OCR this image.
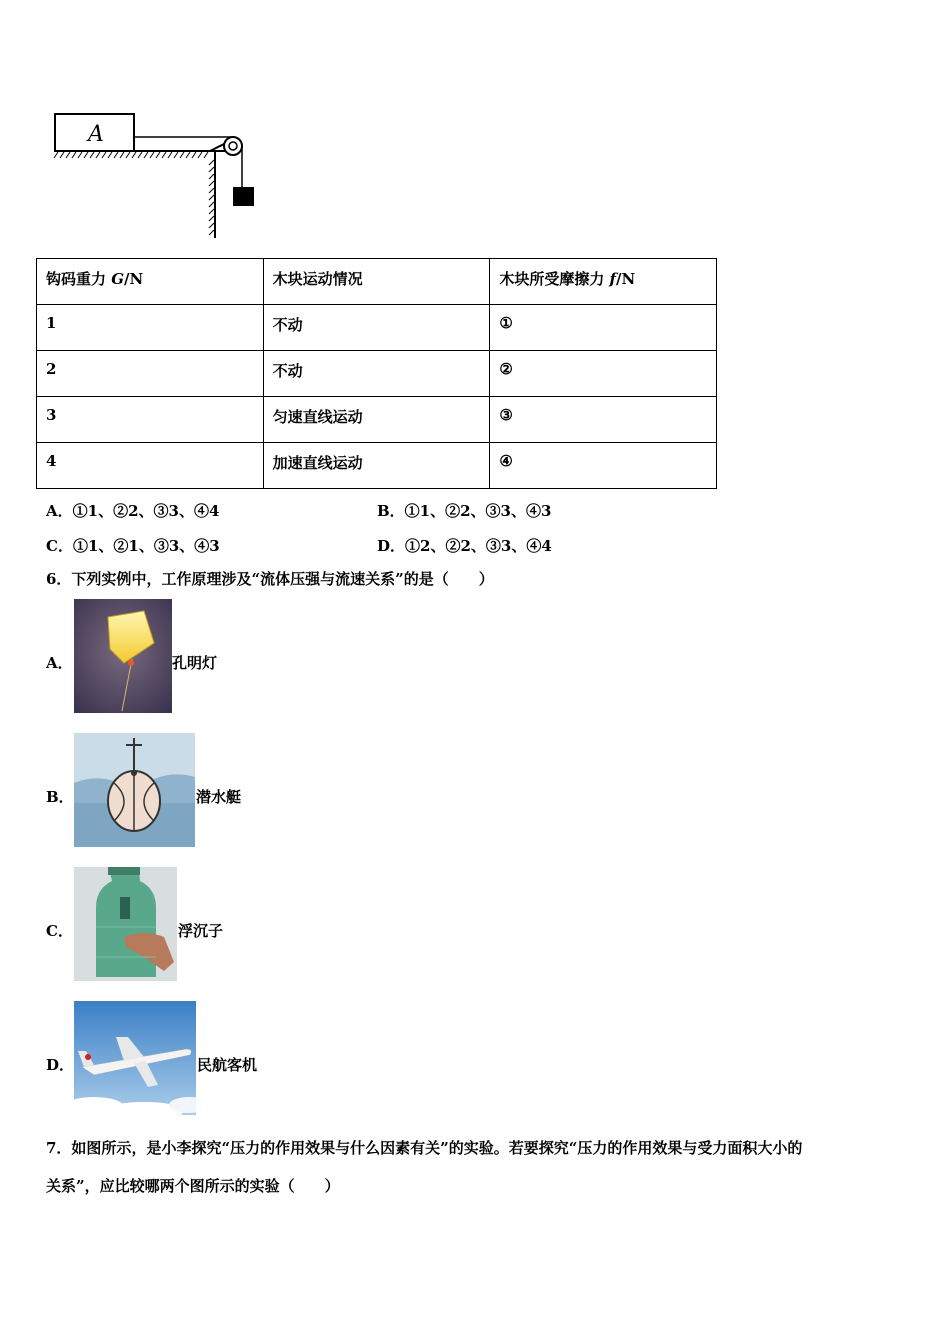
A
钩码重力 G/N	木块运动情况	木块所受摩擦力 f/N
1	不动	①
2	不动	②
3	匀速直线运动	③
4	加速直线运动	④
A．①1、②2、③3、④4	B．①1、②2、③3、④3
C．①1、②1、③3、④3	D．①2、②2、③3、④4
6．下列实例中，工作原理涉及“流体压强与流速关系”的是（　　）
A．	孔明灯
B．	潜水艇
C．	浮沉子
D．	民航客机
7．如图所示，是小李探究“压力的作用效果与什么因素有关”的实验。若要探究“压力的作用效果与受力面积大小的
关系”，应比较哪两个图所示的实验（　　）
